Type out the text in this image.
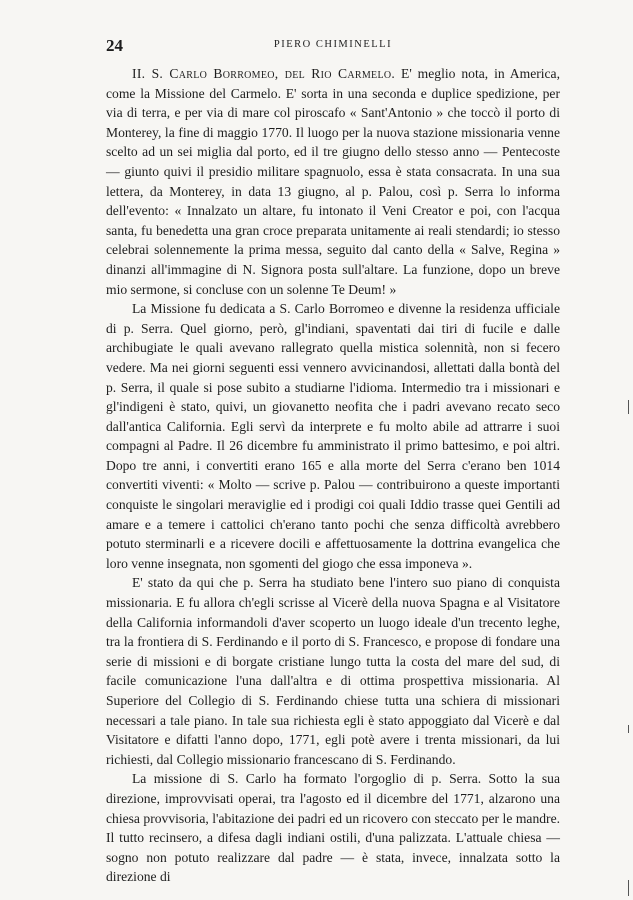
24	PIERO CHIMINELLI

II. S. Carlo Borromeo, del Rio Carmelo. E' meglio nota, in America, come la Missione del Carmelo. E' sorta in una seconda e duplice spedizione, per via di terra, e per via di mare col piroscafo « Sant'Antonio » che toccò il porto di Monterey, la fine di maggio 1770. Il luogo per la nuova stazione missionaria venne scelto ad un sei miglia dal porto, ed il tre giugno dello stesso anno — Pentecoste — giunto quivi il presidio militare spagnuolo, essa è stata consacrata. In una sua lettera, da Monterey, in data 13 giugno, al p. Palou, così p. Serra lo informa dell'evento: « Innalzato un altare, fu intonato il Veni Creator e poi, con l'acqua santa, fu benedetta una gran croce preparata unitamente ai reali stendardi; io stesso celebrai solennemente la prima messa, seguito dal canto della « Salve, Regina » dinanzi all'immagine di N. Signora posta sull'altare. La funzione, dopo un breve mio sermone, si concluse con un solenne Te Deum! »

La Missione fu dedicata a S. Carlo Borromeo e divenne la residenza ufficiale di p. Serra. Quel giorno, però, gl'indiani, spaventati dai tiri di fucile e dalle archibugiate le quali avevano rallegrato quella mistica solennità, non si fecero vedere. Ma nei giorni seguenti essi vennero avvicinandosi, allettati dalla bontà del p. Serra, il quale si pose subito a studiarne l'idioma. Intermedio tra i missionari e gl'indigeni è stato, quivi, un giovanetto neofita che i padri avevano recato seco dall'antica California. Egli servì da interprete e fu molto abile ad attrarre i suoi compagni al Padre. Il 26 dicembre fu amministrato il primo battesimo, e poi altri. Dopo tre anni, i convertiti erano 165 e alla morte del Serra c'erano ben 1014 convertiti viventi: « Molto — scrive p. Palou — contribuirono a queste importanti conquiste le singolari meraviglie ed i prodigi coi quali Iddio trasse quei Gentili ad amare e a temere i cattolici ch'erano tanto pochi che senza difficoltà avrebbero potuto sterminarli e a ricevere docili e affettuosamente la dottrina evangelica che loro venne insegnata, non sgomenti del giogo che essa imponeva ».

E' stato da qui che p. Serra ha studiato bene l'intero suo piano di conquista missionaria. E fu allora ch'egli scrisse al Vicerè della nuova Spagna e al Visitatore della California informandoli d'aver scoperto un luogo ideale d'un trecento leghe, tra la frontiera di S. Ferdinando e il porto di S. Francesco, e propose di fondare una serie di missioni e di borgate cristiane lungo tutta la costa del mare del sud, di facile comunicazione l'una dall'altra e di ottima prospettiva missionaria. Al Superiore del Collegio di S. Ferdinando chiese tutta una schiera di missionari necessari a tale piano. In tale sua richiesta egli è stato appoggiato dal Vicerè e dal Visitatore e difatti l'anno dopo, 1771, egli potè avere i trenta missionari, da lui richiesti, dal Collegio missionario francescano di S. Ferdinando.

La missione di S. Carlo ha formato l'orgoglio di p. Serra. Sotto la sua direzione, improvvisati operai, tra l'agosto ed il dicembre del 1771, alzarono una chiesa provvisoria, l'abitazione dei padri ed un ricovero con steccato per le mandre. Il tutto recinsero, a difesa dagli indiani ostili, d'una palizzata. L'attuale chiesa — sogno non potuto realizzare dal padre — è stata, invece, innalzata sotto la direzione di
